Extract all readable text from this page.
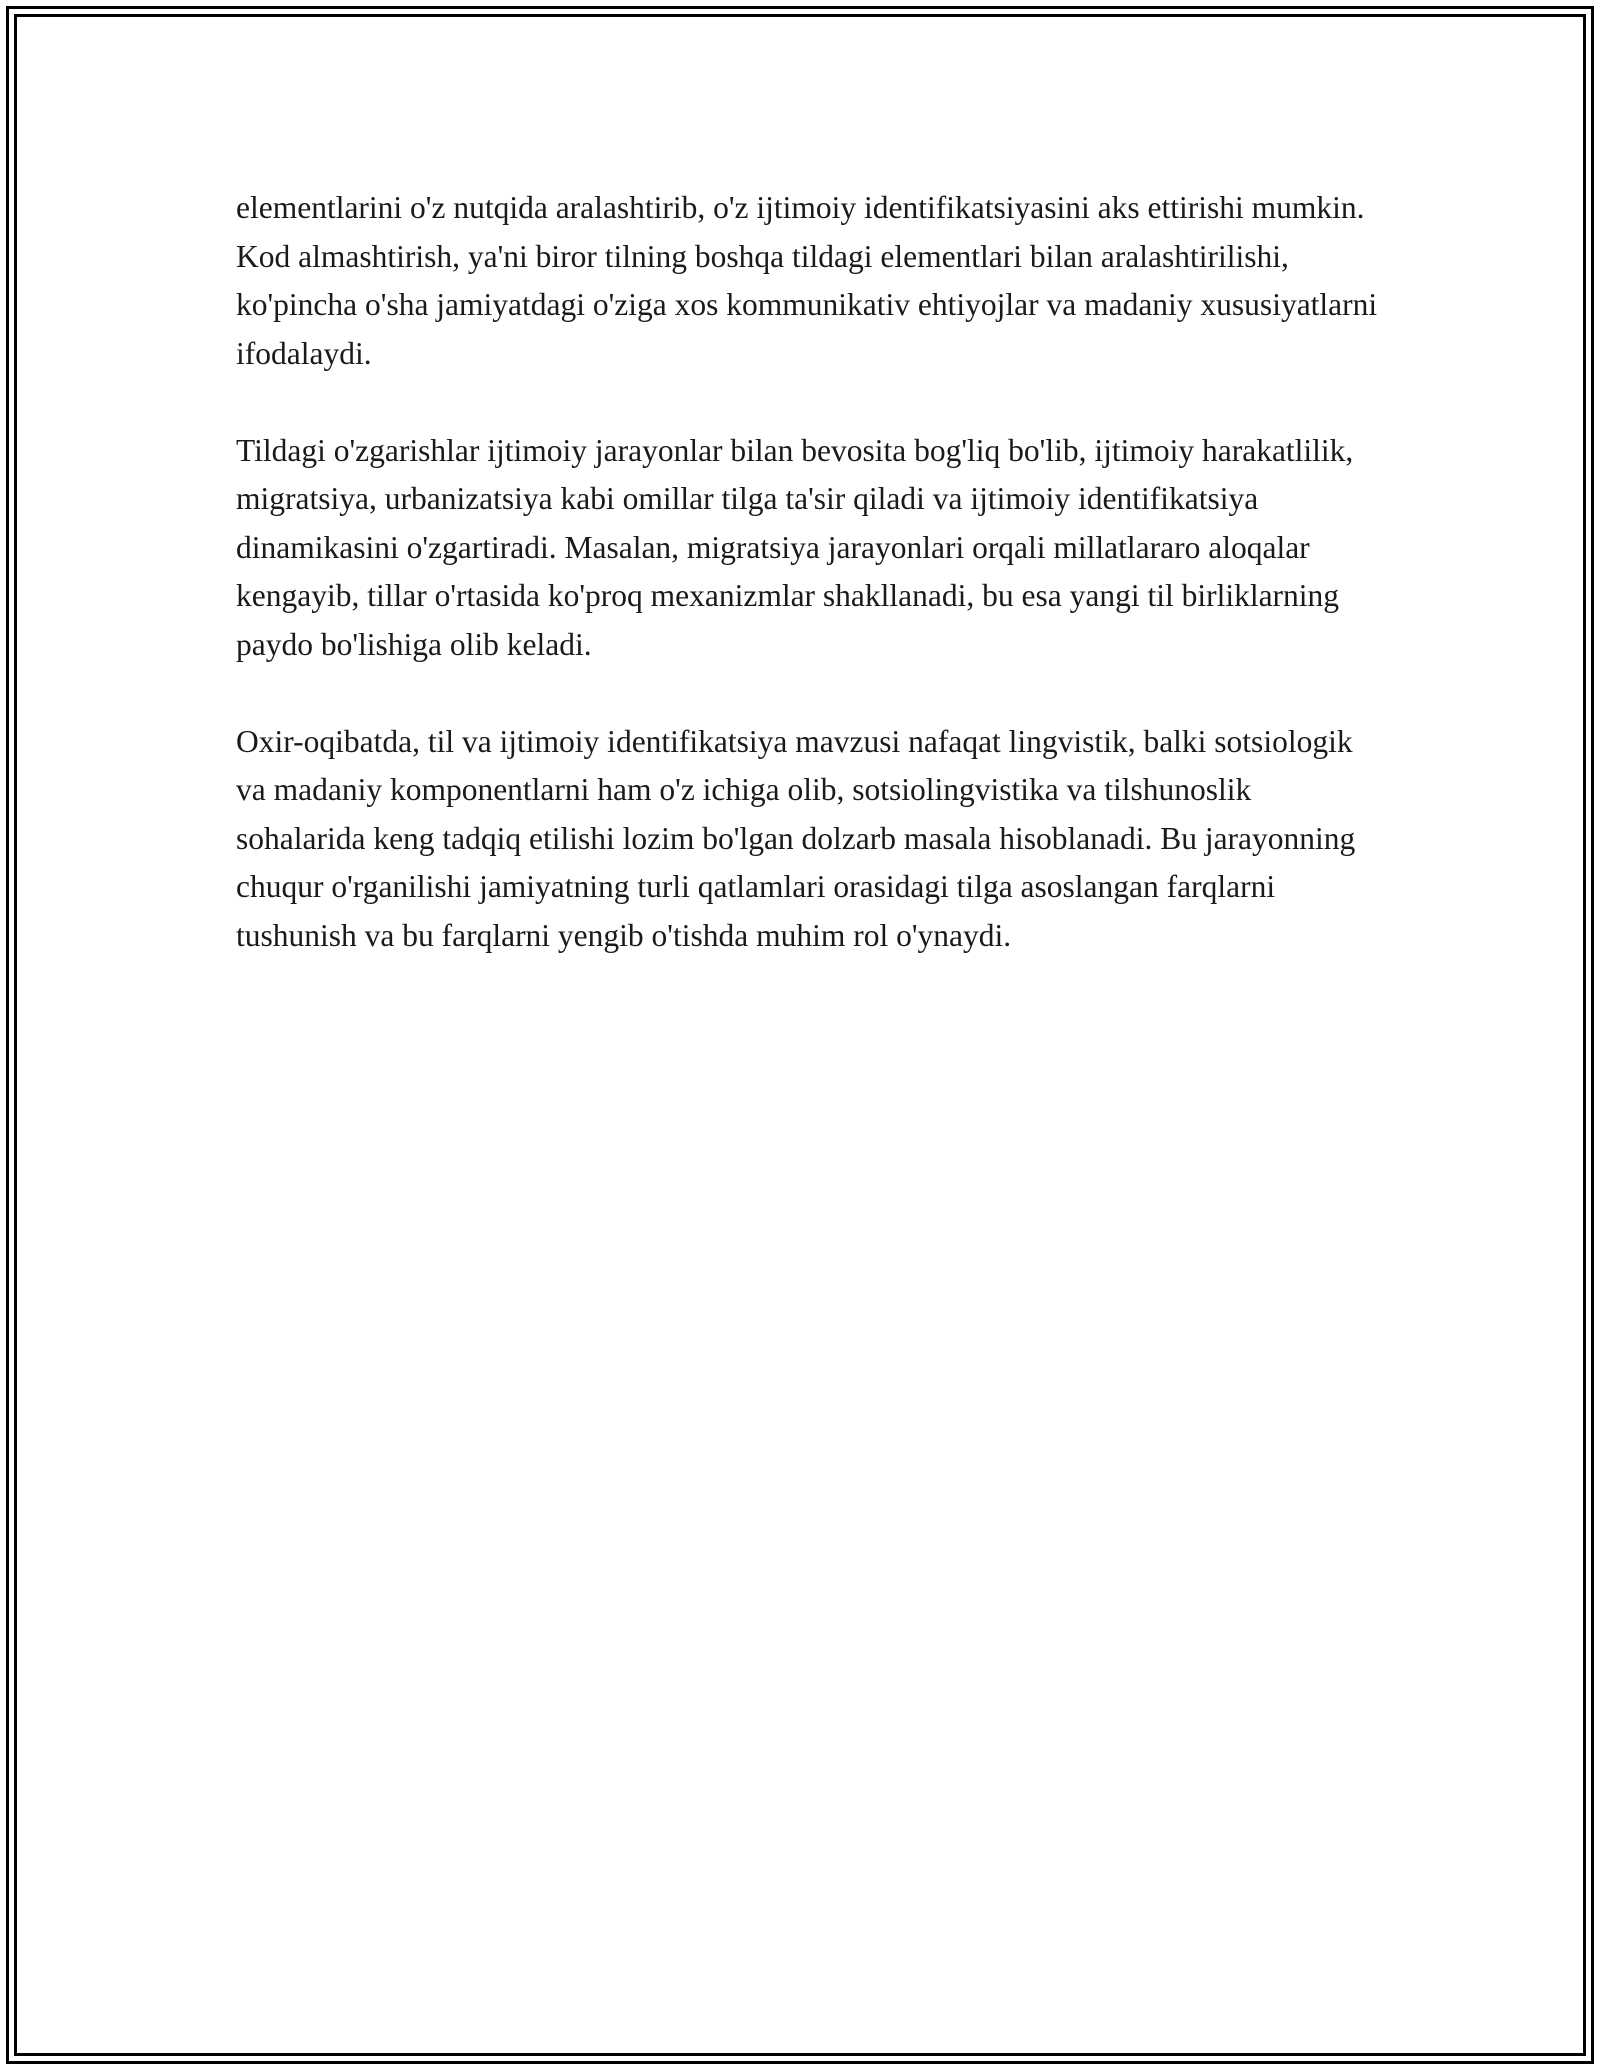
elementlarini o'z nutqida aralashtirib, o'z ijtimoiy identifikatsiyasini aks ettirishi mumkin. Kod almashtirish, ya'ni biror tilning boshqa tildagi elementlari bilan aralashtirilishi, ko'pincha o'sha jamiyatdagi o'ziga xos kommunikativ ehtiyojlar va madaniy xususiyatlarni ifodalaydi.

Tildagi o'zgarishlar ijtimoiy jarayonlar bilan bevosita bog'liq bo'lib, ijtimoiy harakatlilik, migratsiya, urbanizatsiya kabi omillar tilga ta'sir qiladi va ijtimoiy identifikatsiya dinamikasini o'zgartiradi. Masalan, migratsiya jarayonlari orqali millatlararo aloqalar kengayib, tillar o'rtasida ko'proq mexanizmlar shakllanadi, bu esa yangi til birliklarning paydo bo'lishiga olib keladi.

Oxir-oqibatda, til va ijtimoiy identifikatsiya mavzusi nafaqat lingvistik, balki sotsiologik va madaniy komponentlarni ham o'z ichiga olib, sotsiolingvistika va tilshunoslik sohalarida keng tadqiq etilishi lozim bo'lgan dolzarb masala hisoblanadi. Bu jarayonning chuqur o'rganilishi jamiyatning turli qatlamlari orasidagi tilga asoslangan farqlarni tushunish va bu farqlarni yengib o'tishda muhim rol o'ynaydi.
